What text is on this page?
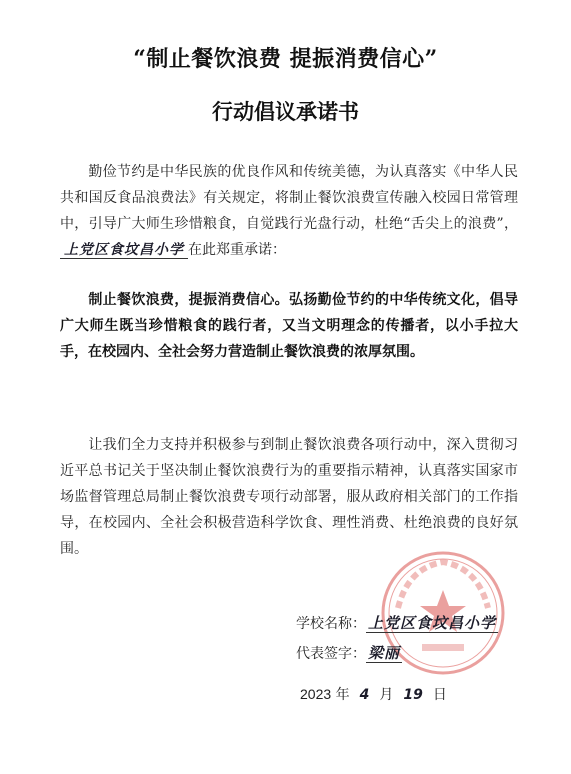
“制止餐饮浪费 提振消费信心”
行动倡议承诺书
勤俭节约是中华民族的优良作风和传统美德，为认真落实《中华人民共和国反食品浪费法》有关规定，将制止餐饮浪费宣传融入校园日常管理中，引导广大师生珍惜粮食，自觉践行光盘行动，杜绝“舌尖上的浪费”，上党区食坟昌小学 在此郑重承诺：
制止餐饮浪费，提振消费信心。弘扬勤俭节约的中华传统文化，倡导广大师生既当珍惜粮食的践行者，又当文明理念的传播者，以小手拉大手，在校园内、全社会努力营造制止餐饮浪费的浓厚氛围。
让我们全力支持并积极参与到制止餐饮浪费各项行动中，深入贯彻习近平总书记关于坚决制止餐饮浪费行为的重要指示精神，认真落实国家市场监督管理总局制止餐饮浪费专项行动部署，服从政府相关部门的工作指导，在校园内、全社会积极营造科学饮食、理性消费、杜绝浪费的良好氛围。
学校名称： 上党区食坟昌小学
代表签字： 梁丽
2023 年 4 月 19 日
